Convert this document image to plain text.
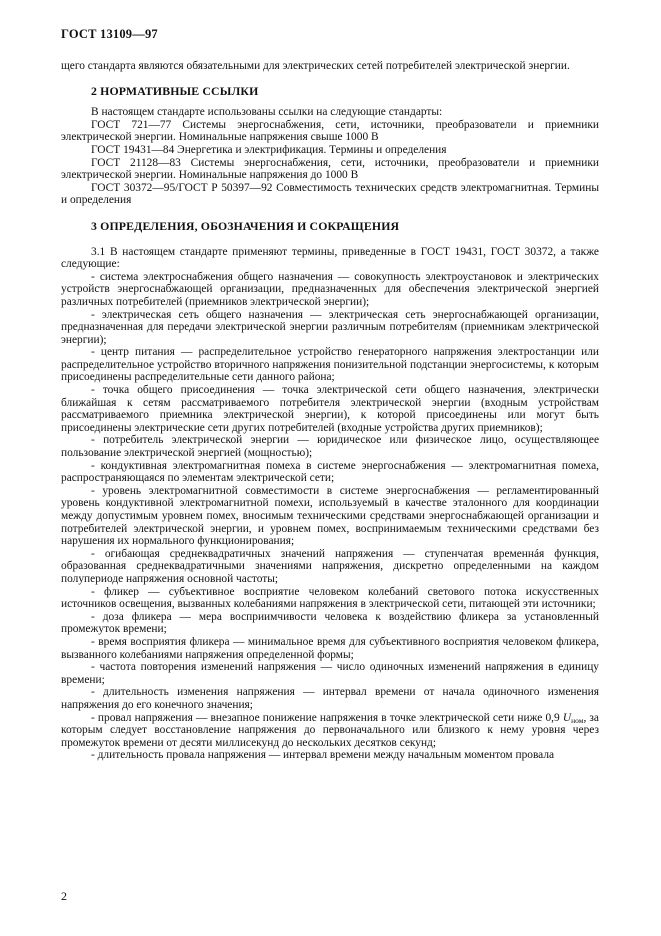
ГОСТ 13109—97

щего стандарта являются обязательными для электрических сетей потребителей электрической энергии.

2 НОРМАТИВНЫЕ ССЫЛКИ

В настоящем стандарте использованы ссылки на следующие стандарты:

ГОСТ 721—77 Системы энергоснабжения, сети, источники, преобразователи и приемники электрической энергии. Номинальные напряжения свыше 1000 В

ГОСТ 19431—84 Энергетика и электрификация. Термины и определения

ГОСТ 21128—83 Системы энергоснабжения, сети, источники, преобразователи и приемники электрической энергии. Номинальные напряжения до 1000 В

ГОСТ 30372—95/ГОСТ Р 50397—92 Совместимость технических средств электромагнитная. Термины и определения

3 ОПРЕДЕЛЕНИЯ, ОБОЗНАЧЕНИЯ И СОКРАЩЕНИЯ

3.1 В настоящем стандарте применяют термины, приведенные в ГОСТ 19431, ГОСТ 30372, а также следующие:

- система электроснабжения общего назначения — совокупность электроустановок и электрических устройств энергоснабжающей организации, предназначенных для обеспечения электрической энергией различных потребителей (приемников электрической энергии);

- электрическая сеть общего назначения — электрическая сеть энергоснабжающей организации, предназначенная для передачи электрической энергии различным потребителям (приемникам электрической энергии);

- центр питания — распределительное устройство генераторного напряжения электростанции или распределительное устройство вторичного напряжения понизительной подстанции энергосистемы, к которым присоединены распределительные сети данного района;

- точка общего присоединения — точка электрической сети общего назначения, электрически ближайшая к сетям рассматриваемого потребителя электрической энергии (входным устройствам рассматриваемого приемника электрической энергии), к которой присоединены или могут быть присоединены электрические сети других потребителей (входные устройства других приемников);

- потребитель электрической энергии — юридическое или физическое лицо, осуществляющее пользование электрической энергией (мощностью);

- кондуктивная электромагнитная помеха в системе энергоснабжения — электромагнитная помеха, распространяющаяся по элементам электрической сети;

- уровень электромагнитной совместимости в системе энергоснабжения — регламентированный уровень кондуктивной электромагнитной помехи, используемый в качестве эталонного для координации между допустимым уровнем помех, вносимым техническими средствами энергоснабжающей организации и потребителей электрической энергии, и уровнем помех, воспринимаемым техническими средствами без нарушения их нормального функционирования;

- огибающая среднеквадратичных значений напряжения — ступенчатая временнáя функция, образованная среднеквадратичными значениями напряжения, дискретно определенными на каждом полупериоде напряжения основной частоты;

- фликер — субъективное восприятие человеком колебаний светового потока искусственных источников освещения, вызванных колебаниями напряжения в электрической сети, питающей эти источники;

- доза фликера — мера восприимчивости человека к воздействию фликера за установленный промежуток времени;

- время восприятия фликера — минимальное время для субъективного восприятия человеком фликера, вызванного колебаниями напряжения определенной формы;

- частота повторения изменений напряжения — число одиночных изменений напряжения в единицу времени;

- длительность изменения напряжения — интервал времени от начала одиночного изменения напряжения до его конечного значения;

- провал напряжения — внезапное понижение напряжения в точке электрической сети ниже 0,9 $U_{ном}$, за которым следует восстановление напряжения до первоначального или близкого к нему уровня через промежуток времени от десяти миллисекунд до нескольких десятков секунд;

- длительность провала напряжения — интервал времени между начальным моментом провала

2
